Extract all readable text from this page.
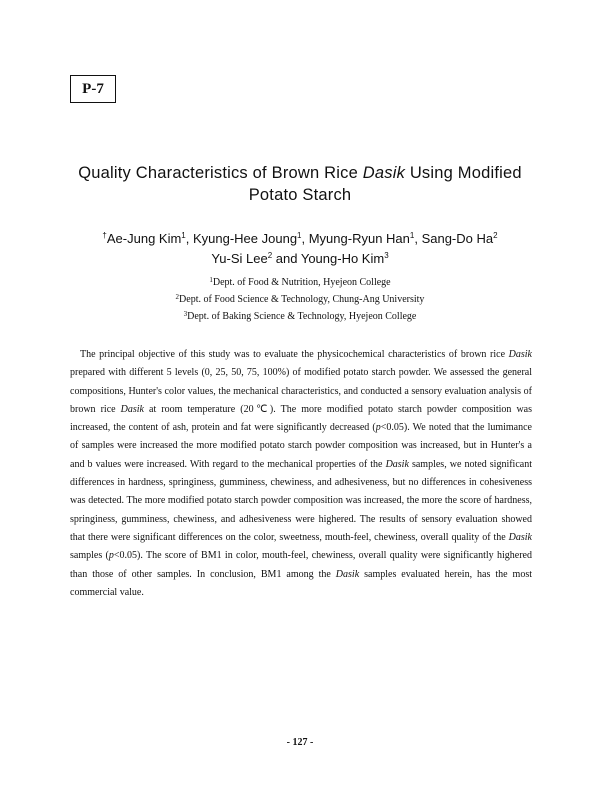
P-7
Quality Characteristics of Brown Rice Dasik Using Modified
Potato Starch
†Ae-Jung Kim$^1$, Kyung-Hee Joung$^1$, Myung-Ryun Han$^1$, Sang-Do Ha$^2$
Yu-Si Lee$^2$ and Young-Ho Kim$^3$
$^1$Dept. of Food & Nutrition, Hyejeon College
$^2$Dept. of Food Science & Technology, Chung-Ang University
$^3$Dept. of Baking Science & Technology, Hyejeon College

The principal objective of this study was to evaluate the physicochemical characteristics of brown rice Dasik prepared with different 5 levels (0, 25, 50, 75, 100%) of modified potato starch powder. We assessed the general compositions, Hunter's color values, the mechanical characteristics, and conducted a sensory evaluation analysis of brown rice Dasik at room temperature (20℃). The more modified potato starch powder composition was increased, the content of ash, protein and fat were significantly decreased (p<0.05). We noted that the lumimance of samples were increased the more modified potato starch powder composition was increased, but in Hunter's a and b values were increased. With regard to the mechanical properties of the Dasik samples, we noted significant differences in hardness, springiness, gumminess, chewiness, and adhesiveness, but no differences in cohesiveness was detected. The more modified potato starch powder composition was increased, the more the score of hardness, springiness, gumminess, chewiness, and adhesiveness were highered. The results of sensory evaluation showed that there were significant differences on the color, sweetness, mouth-feel, chewiness, overall quality of the Dasik samples (p<0.05). The score of BM1 in color, mouth-feel, chewiness, overall quality were significantly highered than those of other samples. In conclusion, BM1 among the Dasik samples evaluated herein, has the most commercial value.

- 127 -
